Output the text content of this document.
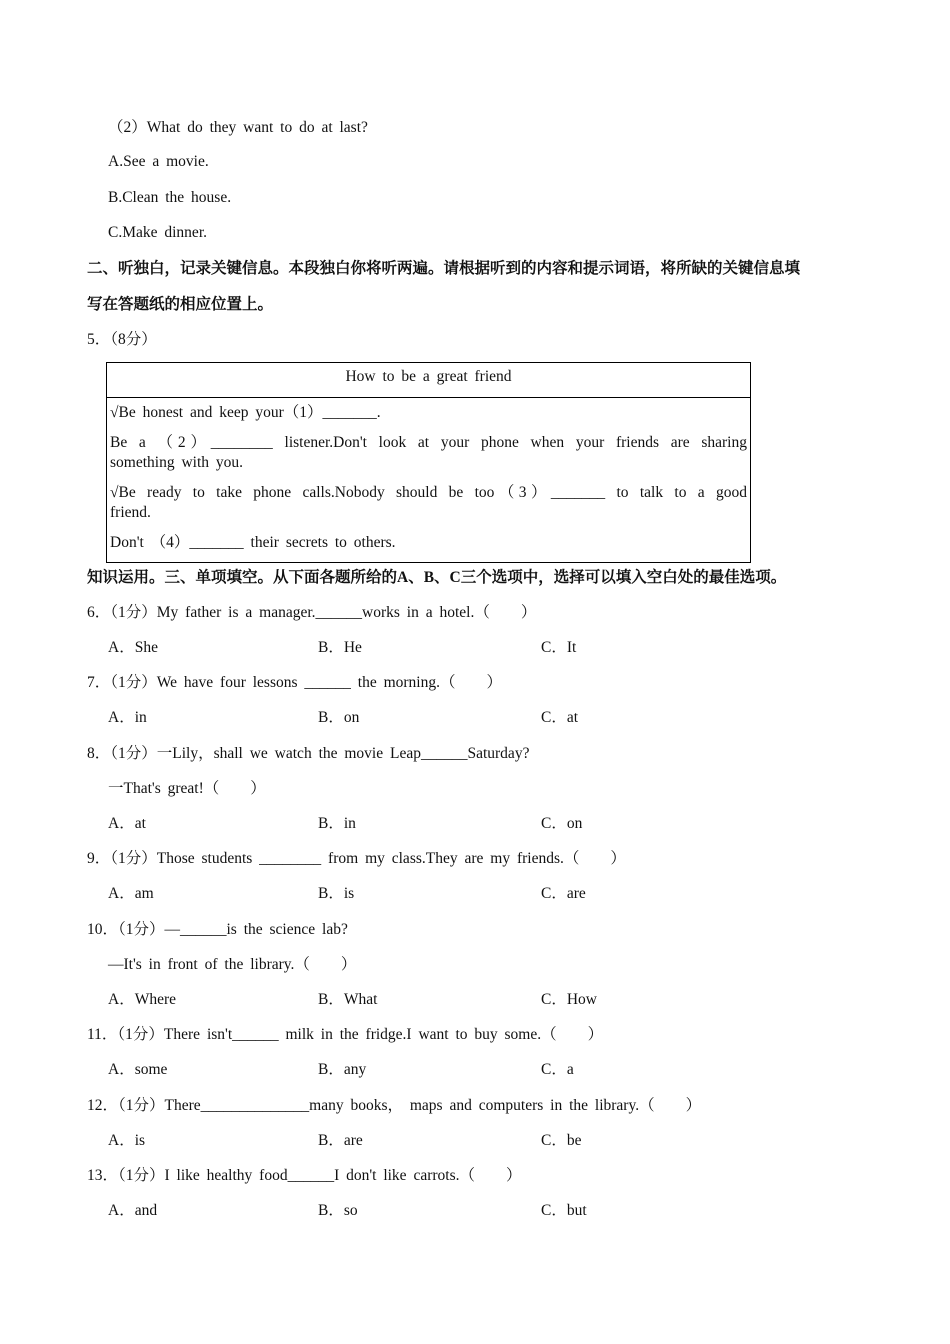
（2）What do they want to do at last?
A.See a movie.
B.Clean the house.
C.Make dinner.
二、听独白，记录关键信息。本段独白你将听两遍。请根据听到的内容和提示词语，将所缺的关键信息填
写在答题纸的相应位置上。
5．（8分）
How to be a great friend
√Be honest and keep your（1）_______.
Be a （2）________ listener.Don't look at your phone when your friends are sharing
something with you.
√Be ready to take phone calls.Nobody should be too（3）_______ to talk to a good
friend.
Don't （4）_______ their secrets to others.
知识运用。三、单项填空。从下面各题所给的A、B、C三个选项中，选择可以填入空白处的最佳选项。
6．（1分）My father is a manager.______works in a hotel.（　　）
A．She	B．He	C．It
7．（1分）We have four lessons ______ the morning.（　　）
A．in	B．on	C．at
8．（1分）一Lily，shall we watch the movie Leap______Saturday?
一That's great!（　　）
A．at	B．in	C．on
9．（1分）Those students ________ from my class.They are my friends.（　　）
A．am	B．is	C．are
10．（1分）—______is the science lab?
—It's in front of the library.（　　）
A．Where	B．What	C．How
11．（1分）There isn't______ milk in the fridge.I want to buy some.（　　）
A．some	B．any	C．a
12．（1分）There______________many books， maps and computers in the library.（　　）
A．is	B．are	C．be
13．（1分）I like healthy food______I don't like carrots.（　　）
A．and	B．so	C．but
